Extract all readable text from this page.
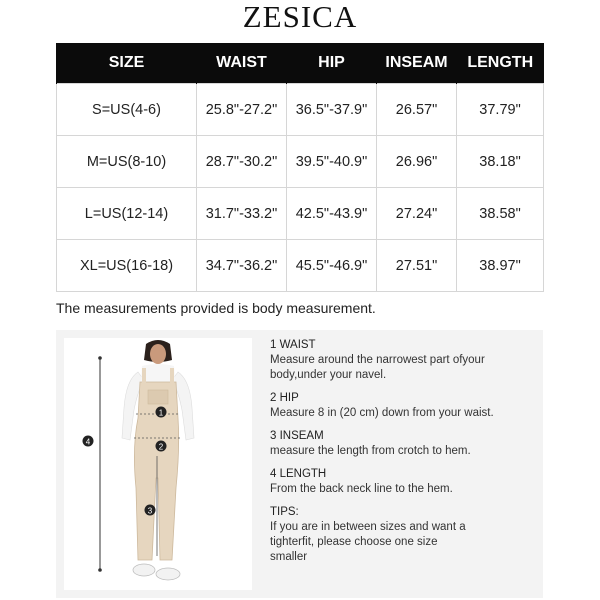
ZESICA
SIZE	WAIST	HIP	INSEAM	LENGTH
S=US(4-6)	25.8"-27.2"	36.5"-37.9"	26.57"	37.79"
M=US(8-10)	28.7"-30.2"	39.5"-40.9"	26.96"	38.18"
L=US(12-14)	31.7"-33.2"	42.5"-43.9"	27.24"	38.58"
XL=US(16-18)	34.7"-36.2"	45.5"-46.9"	27.51"	38.97"
The measurements provided is body measurement.
1
2
3
4
1 WAIST
Measure around the narrowest part ofyour
body,under your navel.
2 HIP
Measure 8 in (20 cm) down from your waist.
3 INSEAM
measure the length from crotch to hem.
4 LENGTH
From the back neck line to the hem.
TIPS:
If you are in between sizes and want a
tighterfit, please choose one size
smaller
